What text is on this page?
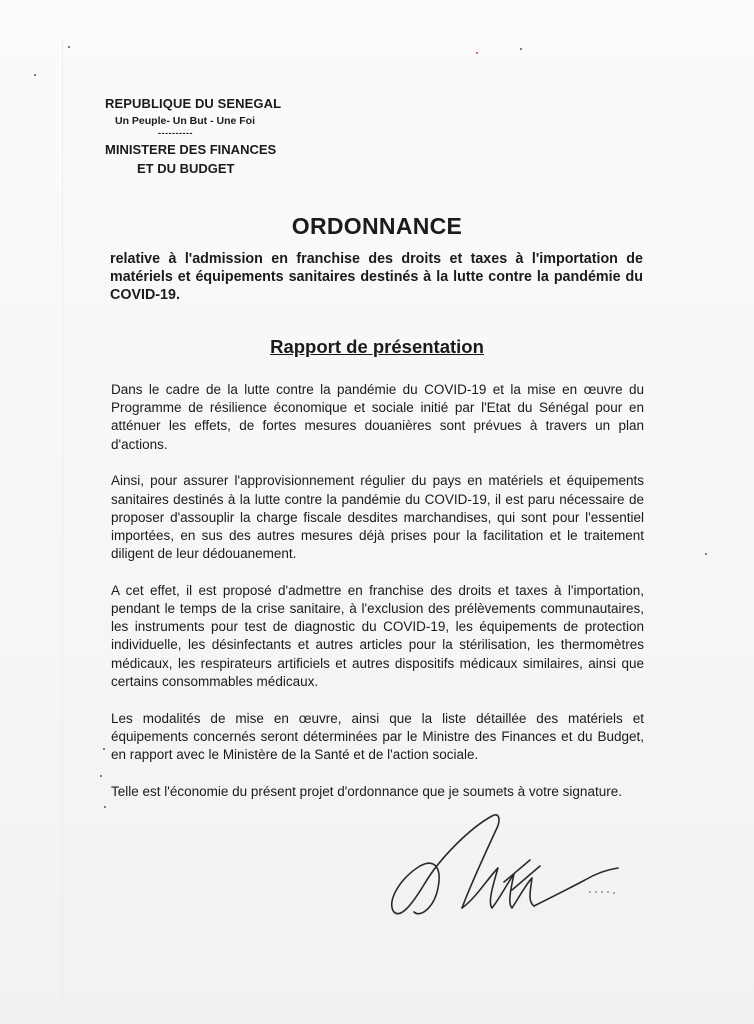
REPUBLIQUE DU SENEGAL

Un Peuple- Un But - Une Foi

----------

MINISTERE DES FINANCES

ET DU BUDGET

ORDONNANCE

relative à l'admission en franchise des droits et taxes à l'importation de matériels et équipements sanitaires destinés à la lutte contre la pandémie du COVID-19.

Rapport de présentation

Dans le cadre de la lutte contre la pandémie du COVID-19 et la mise en œuvre du Programme de résilience économique et sociale initié par l'Etat du Sénégal pour en atténuer les effets, de fortes mesures douanières sont prévues à travers un plan d'actions.

Ainsi, pour assurer l'approvisionnement régulier du pays en matériels et équipements sanitaires destinés à la lutte contre la pandémie du COVID-19, il est paru nécessaire de proposer d'assouplir la charge fiscale desdites marchandises, qui sont pour l'essentiel importées, en sus des autres mesures déjà prises pour la facilitation et le traitement diligent de leur dédouanement.

A cet effet, il est proposé d'admettre en franchise des droits et taxes à l'importation, pendant le temps de la crise sanitaire, à l'exclusion des prélèvements communautaires, les instruments pour test de diagnostic du COVID-19, les équipements de protection individuelle, les désinfectants et autres articles pour la stérilisation, les thermomètres médicaux, les respirateurs artificiels et autres dispositifs médicaux similaires, ainsi que certains consommables médicaux.

Les modalités de mise en œuvre, ainsi que la liste détaillée des matériels et équipements concernés seront déterminées par le Ministre des Finances et du Budget, en rapport avec le Ministère de la Santé et de l'action sociale.

Telle est l'économie du présent projet d'ordonnance que je soumets à votre signature.
